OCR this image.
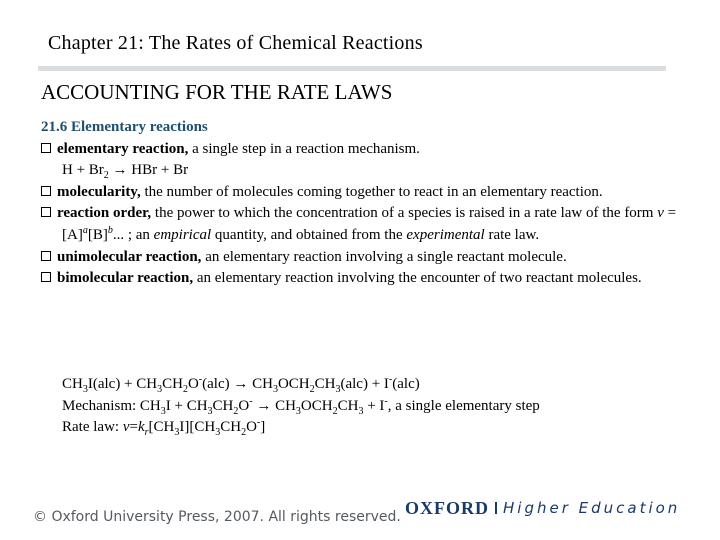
Chapter 21: The Rates of Chemical Reactions
ACCOUNTING FOR THE RATE LAWS
21.6 Elementary reactions
elementary reaction, a single step in a reaction mechanism.
$H + Br_2$ → HBr + Br
molecularity, the number of molecules coming together to react in an elementary reaction.
reaction order, the power to which the concentration of a species is raised in a rate law of the form $v = [A]^a[B]^b$... ; an empirical quantity, and obtained from the experimental rate law.
unimolecular reaction, an elementary reaction involving a single reactant molecule.
bimolecular reaction, an elementary reaction involving the encounter of two reactant molecules.
$CH_3I(alc) + CH_3CH_2O^-(alc) \to CH_3OCH_2CH_3(alc) + I^-(alc)$
Mechanism: $CH_3I + CH_3CH_2O^- \to CH_3OCH_2CH_3 + I^-$, a single elementary step
Rate law: $v=k_r[CH_3I][CH_3CH_2O^-]$
© Oxford University Press, 2007. All rights reserved. OXFORD Higher Education
